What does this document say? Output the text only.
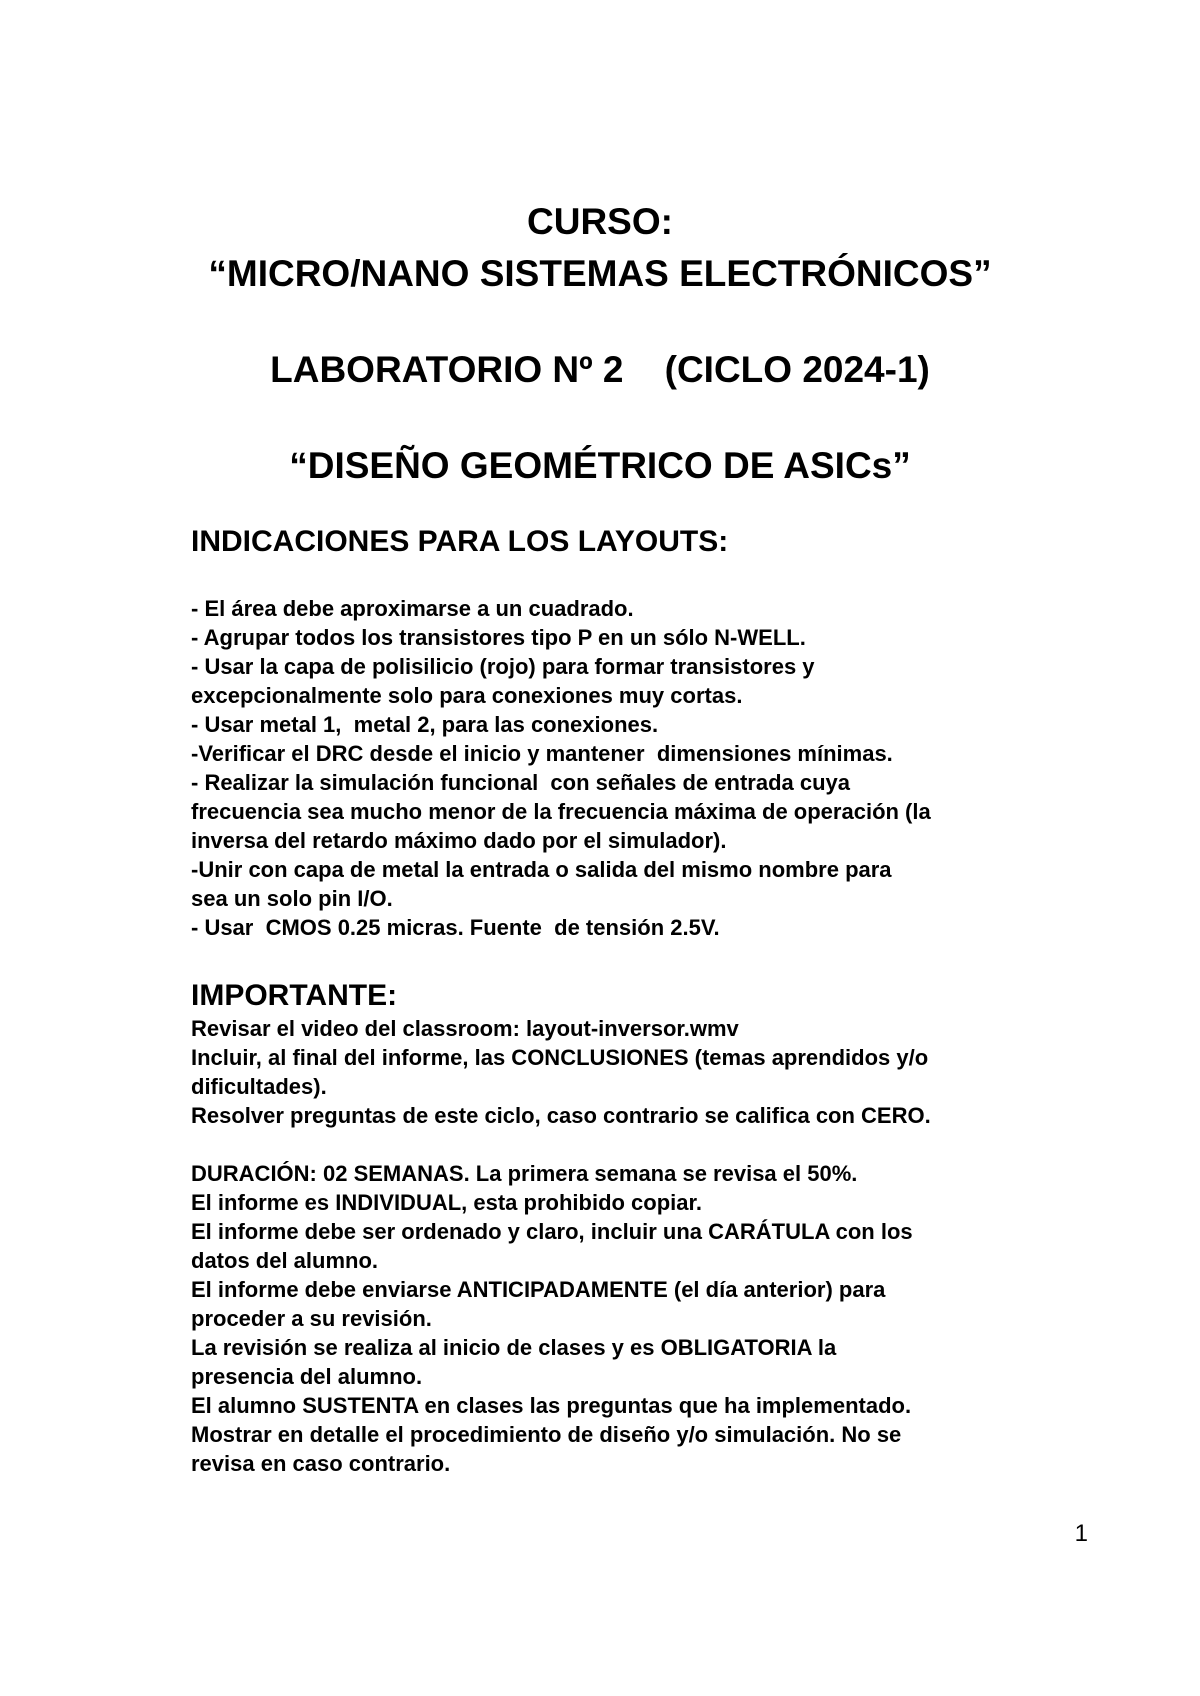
CURSO:
“MICRO/NANO SISTEMAS ELECTRÓNICOS”
LABORATORIO Nº 2    (CICLO 2024-1)
“DISEÑO GEOMÉTRICO DE ASICs”
INDICACIONES PARA LOS LAYOUTS:
- El área debe aproximarse a un cuadrado.
- Agrupar todos los transistores tipo P en un sólo N-WELL.
- Usar la capa de polisilicio (rojo) para formar transistores y
excepcionalmente solo para conexiones muy cortas.
- Usar metal 1,  metal 2, para las conexiones.
-Verificar el DRC desde el inicio y mantener  dimensiones mínimas.
- Realizar la simulación funcional  con señales de entrada cuya
frecuencia sea mucho menor de la frecuencia máxima de operación (la
inversa del retardo máximo dado por el simulador).
-Unir con capa de metal la entrada o salida del mismo nombre para
sea un solo pin I/O.
- Usar  CMOS 0.25 micras. Fuente  de tensión 2.5V.
IMPORTANTE:
Revisar el video del classroom: layout-inversor.wmv
Incluir, al final del informe, las CONCLUSIONES (temas aprendidos y/o
dificultades).
Resolver preguntas de este ciclo, caso contrario se califica con CERO.
DURACIÓN: 02 SEMANAS. La primera semana se revisa el 50%.
El informe es INDIVIDUAL, esta prohibido copiar.
El informe debe ser ordenado y claro, incluir una CARÁTULA con los
datos del alumno.
El informe debe enviarse ANTICIPADAMENTE (el día anterior) para
proceder a su revisión.
La revisión se realiza al inicio de clases y es OBLIGATORIA la
presencia del alumno.
El alumno SUSTENTA en clases las preguntas que ha implementado.
Mostrar en detalle el procedimiento de diseño y/o simulación. No se
revisa en caso contrario.
1
